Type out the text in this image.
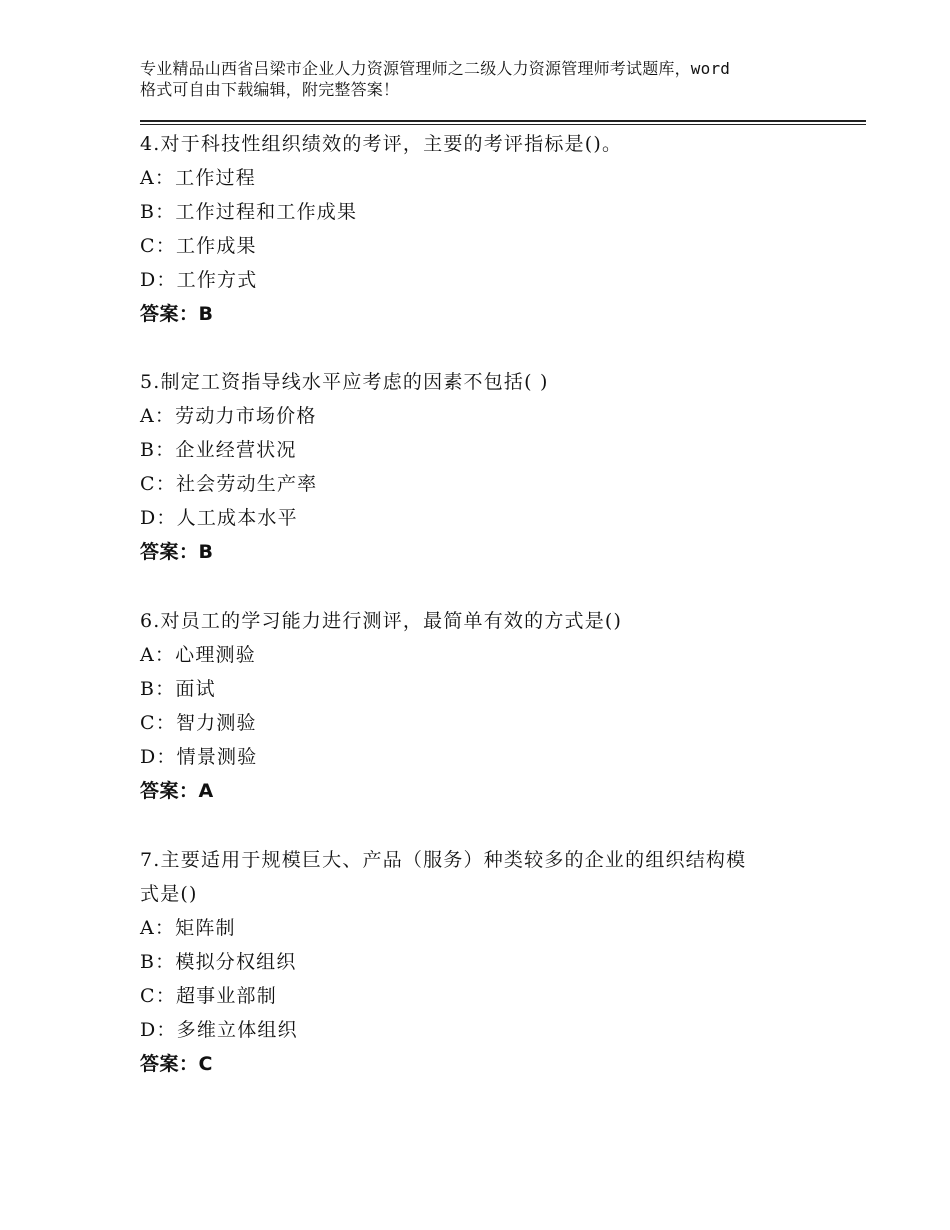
专业精品山西省吕梁市企业人力资源管理师之二级人力资源管理师考试题库，word
格式可自由下载编辑，附完整答案！
4.对于科技性组织绩效的考评，主要的考评指标是()。
A：工作过程
B：工作过程和工作成果
C：工作成果
D：工作方式
答案：B
5.制定工资指导线水平应考虑的因素不包括( )
A：劳动力市场价格
B：企业经营状况
C：社会劳动生产率
D：人工成本水平
答案：B
6.对员工的学习能力进行测评，最简单有效的方式是()
A：心理测验
B：面试
C：智力测验
D：情景测验
答案：A
7.主要适用于规模巨大、产品（服务）种类较多的企业的组织结构模
式是()
A：矩阵制
B：模拟分权组织
C：超事业部制
D：多维立体组织
答案：C
